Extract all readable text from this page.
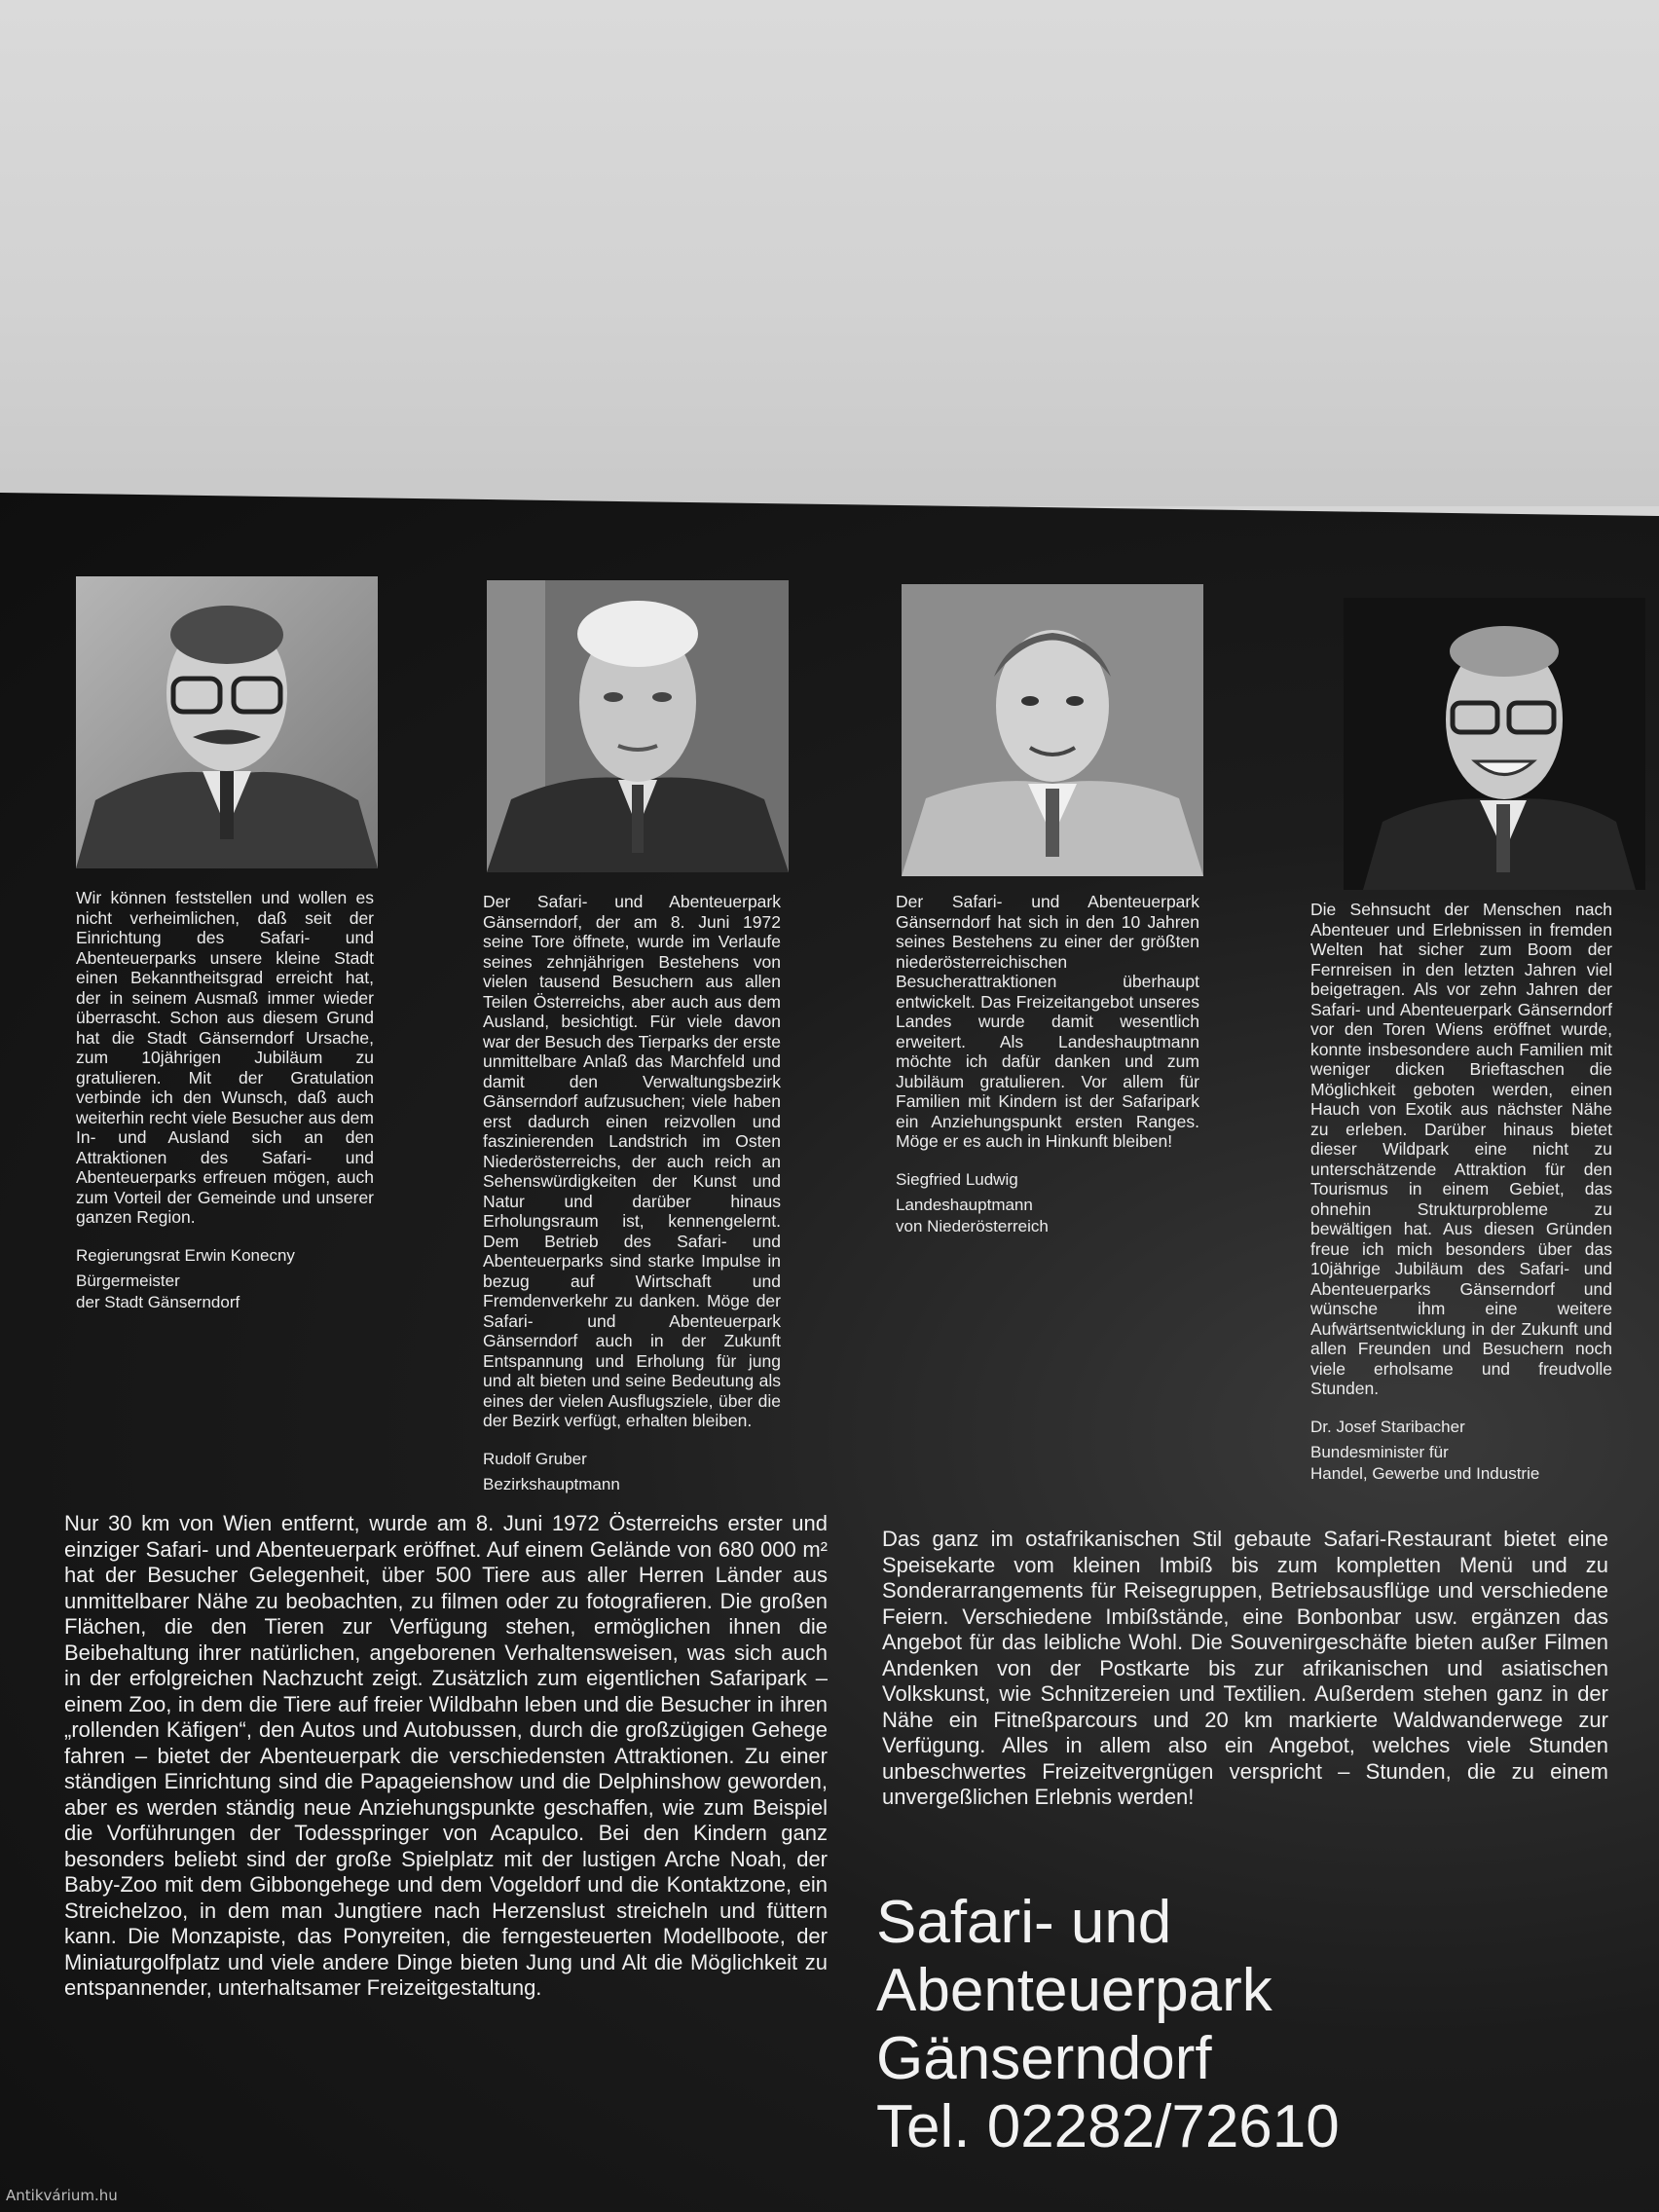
Wir können feststellen und wollen es nicht verheimlichen, daß seit der Einrichtung des Safari- und Abenteuerparks unsere kleine Stadt einen Bekanntheitsgrad erreicht hat, der in seinem Ausmaß immer wieder überrascht. Schon aus diesem Grund hat die Stadt Gänserndorf Ursache, zum 10jährigen Jubiläum zu gratulieren. Mit der Gratulation verbinde ich den Wunsch, daß auch weiterhin recht viele Besucher aus dem In- und Ausland sich an den Attraktionen des Safari- und Abenteuerparks erfreuen mögen, auch zum Vorteil der Gemeinde und unserer ganzen Region.

Regierungsrat Erwin Konecny
Bürgermeister
der Stadt Gänserndorf

Der Safari- und Abenteuerpark Gänserndorf, der am 8. Juni 1972 seine Tore öffnete, wurde im Verlaufe seines zehnjährigen Bestehens von vielen tausend Besuchern aus allen Teilen Österreichs, aber auch aus dem Ausland, besichtigt. Für viele davon war der Besuch des Tierparks der erste unmittelbare Anlaß das Marchfeld und damit den Verwaltungsbezirk Gänserndorf aufzusuchen; viele haben erst dadurch einen reizvollen und faszinierenden Landstrich im Osten Niederösterreichs, der auch reich an Sehenswürdigkeiten der Kunst und Natur und darüber hinaus Erholungsraum ist, kennengelernt. Dem Betrieb des Safari- und Abenteuerparks sind starke Impulse in bezug auf Wirtschaft und Fremdenverkehr zu danken. Möge der Safari- und Abenteuerpark Gänserndorf auch in der Zukunft Entspannung und Erholung für jung und alt bieten und seine Bedeutung als eines der vielen Ausflugsziele, über die der Bezirk verfügt, erhalten bleiben.

Rudolf Gruber
Bezirkshauptmann

Der Safari- und Abenteuerpark Gänserndorf hat sich in den 10 Jahren seines Bestehens zu einer der größten niederösterreichischen Besucherattraktionen überhaupt entwickelt. Das Freizeitangebot unseres Landes wurde damit wesentlich erweitert. Als Landeshauptmann möchte ich dafür danken und zum Jubiläum gratulieren. Vor allem für Familien mit Kindern ist der Safaripark ein Anziehungspunkt ersten Ranges. Möge er es auch in Hinkunft bleiben!

Siegfried Ludwig
Landeshauptmann
von Niederösterreich

Die Sehnsucht der Menschen nach Abenteuer und Erlebnissen in fremden Welten hat sicher zum Boom der Fernreisen in den letzten Jahren viel beigetragen. Als vor zehn Jahren der Safari- und Abenteuerpark Gänserndorf vor den Toren Wiens eröffnet wurde, konnte insbesondere auch Familien mit weniger dicken Brieftaschen die Möglichkeit geboten werden, einen Hauch von Exotik aus nächster Nähe zu erleben. Darüber hinaus bietet dieser Wildpark eine nicht zu unterschätzende Attraktion für den Tourismus in einem Gebiet, das ohnehin Strukturprobleme zu bewältigen hat. Aus diesen Gründen freue ich mich besonders über das 10jährige Jubiläum des Safari- und Abenteuerparks Gänserndorf und wünsche ihm eine weitere Aufwärtsentwicklung in der Zukunft und allen Freunden und Besuchern noch viele erholsame und freudvolle Stunden.

Dr. Josef Staribacher
Bundesminister für
Handel, Gewerbe und Industrie

Nur 30 km von Wien entfernt, wurde am 8. Juni 1972 Österreichs erster und einziger Safari- und Abenteuerpark eröffnet. Auf einem Gelände von 680 000 m² hat der Besucher Gelegenheit, über 500 Tiere aus aller Herren Länder aus unmittelbarer Nähe zu beobachten, zu filmen oder zu fotografieren. Die großen Flächen, die den Tieren zur Verfügung stehen, ermöglichen ihnen die Beibehaltung ihrer natürlichen, angeborenen Verhaltensweisen, was sich auch in der erfolgreichen Nachzucht zeigt. Zusätzlich zum eigentlichen Safaripark – einem Zoo, in dem die Tiere auf freier Wildbahn leben und die Besucher in ihren „rollenden Käfigen“, den Autos und Autobussen, durch die großzügigen Gehege fahren – bietet der Abenteuerpark die verschiedensten Attraktionen. Zu einer ständigen Einrichtung sind die Papageienshow und die Delphinshow geworden, aber es werden ständig neue Anziehungspunkte geschaffen, wie zum Beispiel die Vorführungen der Todesspringer von Acapulco. Bei den Kindern ganz besonders beliebt sind der große Spielplatz mit der lustigen Arche Noah, der Baby-Zoo mit dem Gibbongehege und dem Vogeldorf und die Kontaktzone, ein Streichelzoo, in dem man Jungtiere nach Herzenslust streicheln und füttern kann. Die Monzapiste, das Ponyreiten, die ferngesteuerten Modellboote, der Miniaturgolfplatz und viele andere Dinge bieten Jung und Alt die Möglichkeit zu entspannender, unterhaltsamer Freizeitgestaltung.

Das ganz im ostafrikanischen Stil gebaute Safari-Restaurant bietet eine Speisekarte vom kleinen Imbiß bis zum kompletten Menü und zu Sonderarrangements für Reisegruppen, Betriebsausflüge und verschiedene Feiern. Verschiedene Imbißstände, eine Bonbonbar usw. ergänzen das Angebot für das leibliche Wohl. Die Souvenirgeschäfte bieten außer Filmen Andenken von der Postkarte bis zur afrikanischen und asiatischen Volkskunst, wie Schnitzereien und Textilien. Außerdem stehen ganz in der Nähe ein Fitneßparcours und 20 km markierte Waldwanderwege zur Verfügung. Alles in allem also ein Angebot, welches viele Stunden unbeschwertes Freizeitvergnügen verspricht – Stunden, die zu einem unvergeßlichen Erlebnis werden!

Safari- und
Abenteuerpark
Gänserndorf
Tel. 02282/72610
Antikvárium.hu
